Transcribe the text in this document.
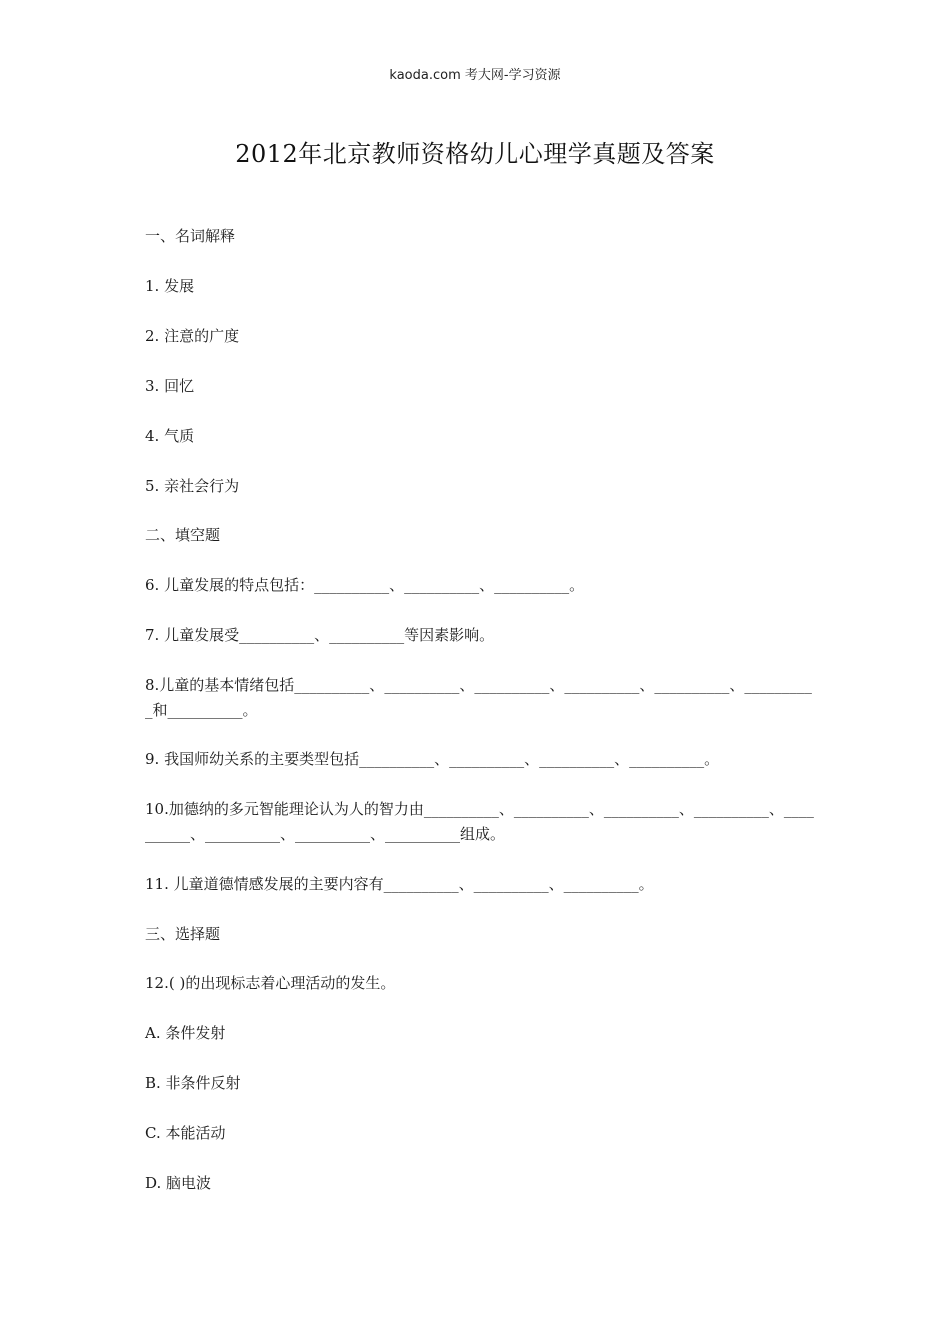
kaoda.com 考大网-学习资源
2012年北京教师资格幼儿心理学真题及答案
一、名词解释
1. 发展
2. 注意的广度
3. 回忆
4. 气质
5. 亲社会行为
二、填空题
6. 儿童发展的特点包括：__________、__________、__________。
7. 儿童发展受__________、__________等因素影响。
8.儿童的基本情绪包括__________、__________、__________、__________、__________、__________和__________。
9. 我国师幼关系的主要类型包括__________、__________、__________、__________。
10.加德纳的多元智能理论认为人的智力由__________、__________、__________、__________、__________、__________、__________、__________组成。
11. 儿童道德情感发展的主要内容有__________、__________、__________。
三、选择题
12.( )的出现标志着心理活动的发生。
A. 条件发射
B. 非条件反射
C. 本能活动
D. 脑电波
